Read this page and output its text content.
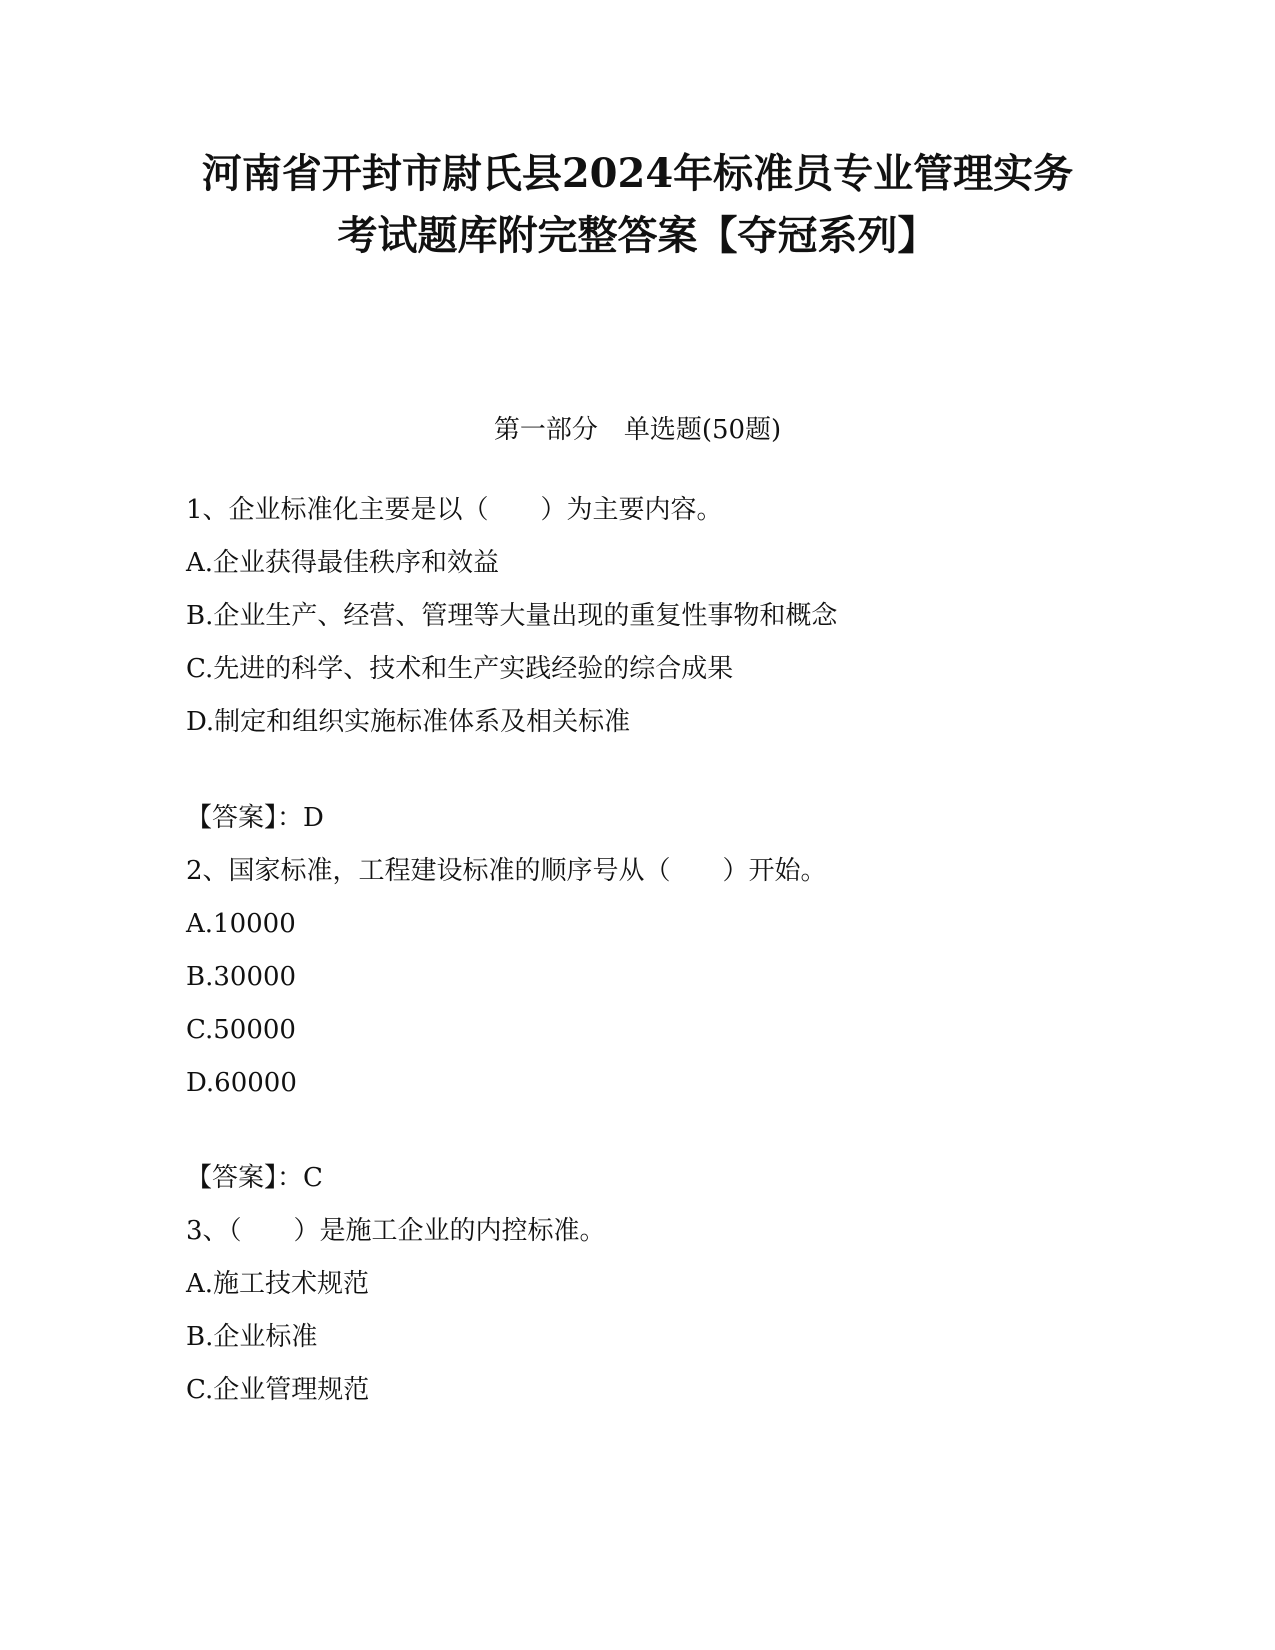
河南省开封市尉氏县2024年标准员专业管理实务
考试题库附完整答案【夺冠系列】
第一部分　单选题(50题)
1、企业标准化主要是以（　　）为主要内容。
A.企业获得最佳秩序和效益
B.企业生产、经营、管理等大量出现的重复性事物和概念
C.先进的科学、技术和生产实践经验的综合成果
D.制定和组织实施标准体系及相关标准
【答案】：D
2、国家标准，工程建设标准的顺序号从（　　）开始。
A.10000
B.30000
C.50000
D.60000
【答案】：C
3、（　　）是施工企业的内控标准。
A.施工技术规范
B.企业标准
C.企业管理规范
